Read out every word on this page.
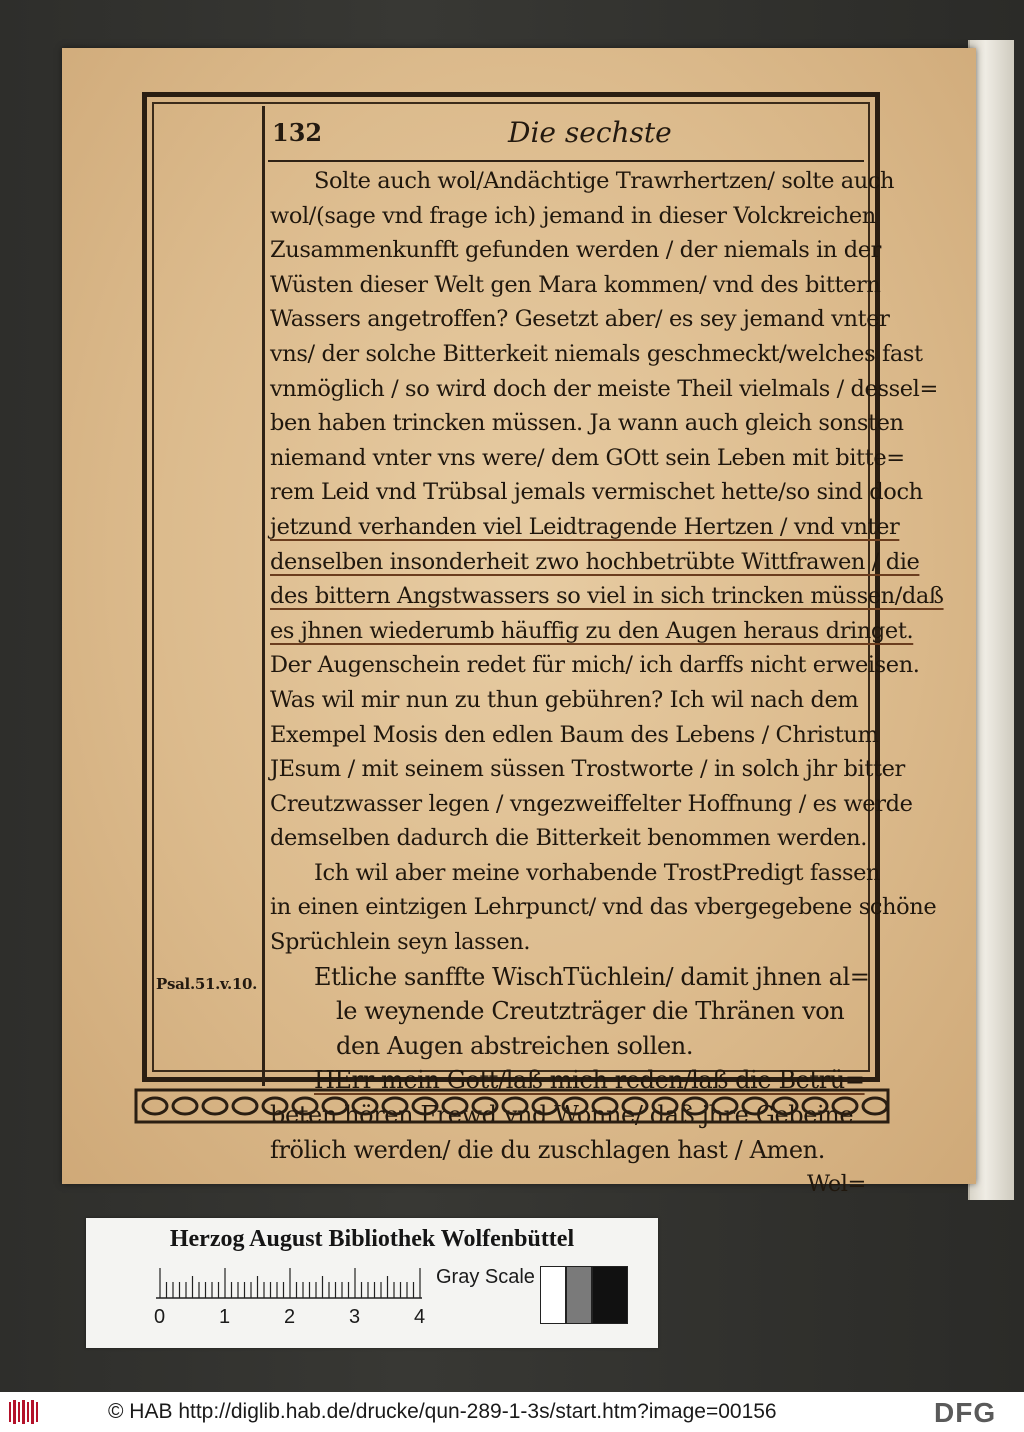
132	Die sechste
Solte auch wol/Andächtige Trawrhertzen/ solte auch
wol/(sage vnd frage ich) jemand in dieser Volckreichen
Zusammenkunfft gefunden werden / der niemals in der
Wüsten dieser Welt gen Mara kommen/ vnd des bittern
Wassers angetroffen? Gesetzt aber/ es sey jemand vnter
vns/ der solche Bitterkeit niemals geschmeckt/welches fast
vnmöglich / so wird doch der meiste Theil vielmals / dessel=
ben haben trincken müssen. Ja wann auch gleich sonsten
niemand vnter vns were/ dem GOtt sein Leben mit bitte=
rem Leid vnd Trübsal jemals vermischet hette/so sind doch
jetzund verhanden viel Leidtragende Hertzen / vnd vnter
denselben insonderheit zwo hochbetrübte Wittfrawen / die
des bittern Angstwassers so viel in sich trincken müssen/daß
es jhnen wiederumb häuffig zu den Augen heraus dringet.
Der Augenschein redet für mich/ ich darffs nicht erweisen.
Was wil mir nun zu thun gebühren? Ich wil nach dem
Exempel Mosis den edlen Baum des Lebens / Christum
JEsum / mit seinem süssen Trostworte / in solch jhr bitter
Creutzwasser legen / vngezweiffelter Hoffnung / es werde
demselben dadurch die Bitterkeit benommen werden.
Ich wil aber meine vorhabende TrostPredigt fassen
in einen eintzigen Lehrpunct/ vnd das vbergegebene schöne
Sprüchlein seyn lassen.
Etliche sanffte WischTüchlein/ damit jhnen al=
le weynende Creutzträger die Thränen von
den Augen abstreichen sollen.
HErr mein Gott/laß mich reden/laß die Betrü=
beten hören Frewd vnd Wonne/ daß jhre Gebeine
frölich werden/ die du zuschlagen hast / Amen.
Wel=
Psal.51.v.10.
Herzog August Bibliothek Wolfenbüttel
0	1	2	3	4
Gray Scale
© HAB http://diglib.hab.de/drucke/qun-289-1-3s/start.htm?image=00156	DFG
